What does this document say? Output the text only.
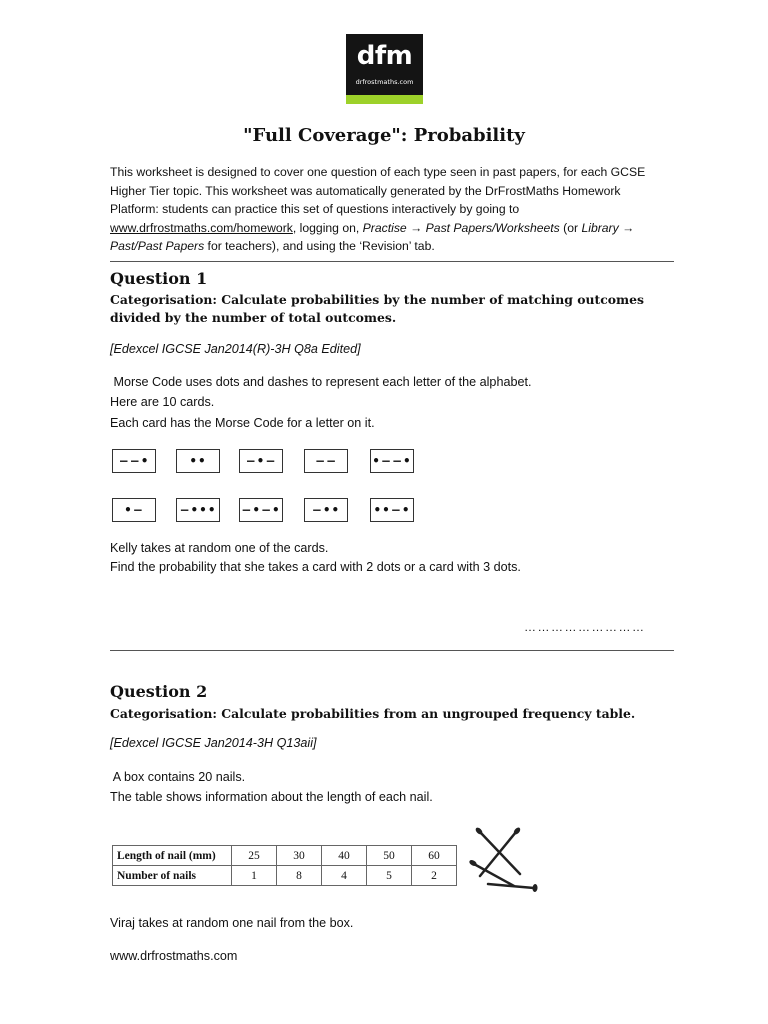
dfm
drfrostmaths.com
"Full Coverage": Probability
This worksheet is designed to cover one question of each type seen in past papers, for each GCSE Higher Tier topic. This worksheet was automatically generated by the DrFrostMaths Homework Platform: students can practice this set of questions interactively by going to www.drfrostmaths.com/homework, logging on, Practise → Past Papers/Worksheets (or Library → Past/Past Papers for teachers), and using the ‘Revision’ tab.
Question 1
Categorisation: Calculate probabilities by the number of matching outcomes divided by the number of total outcomes.
[Edexcel IGCSE Jan2014(R)-3H Q8a Edited]
Morse Code uses dots and dashes to represent each letter of the alphabet.
Here are 10 cards.
Each card has the Morse Code for a letter on it.
−−•	••	−•−	−−	•−−•
•−	−••• −•−•	−••	••−•
Kelly takes at random one of the cards.
Find the probability that she takes a card with 2 dots or a card with 3 dots.
………………………
Question 2
Categorisation: Calculate probabilities from an ungrouped frequency table.
[Edexcel IGCSE Jan2014-3H Q13aii]
A box contains 20 nails.
The table shows information about the length of each nail.
Length of nail (mm)	25	30	40	50	60
Number of nails	1	8	4	5	2
Viraj takes at random one nail from the box.
www.drfrostmaths.com
